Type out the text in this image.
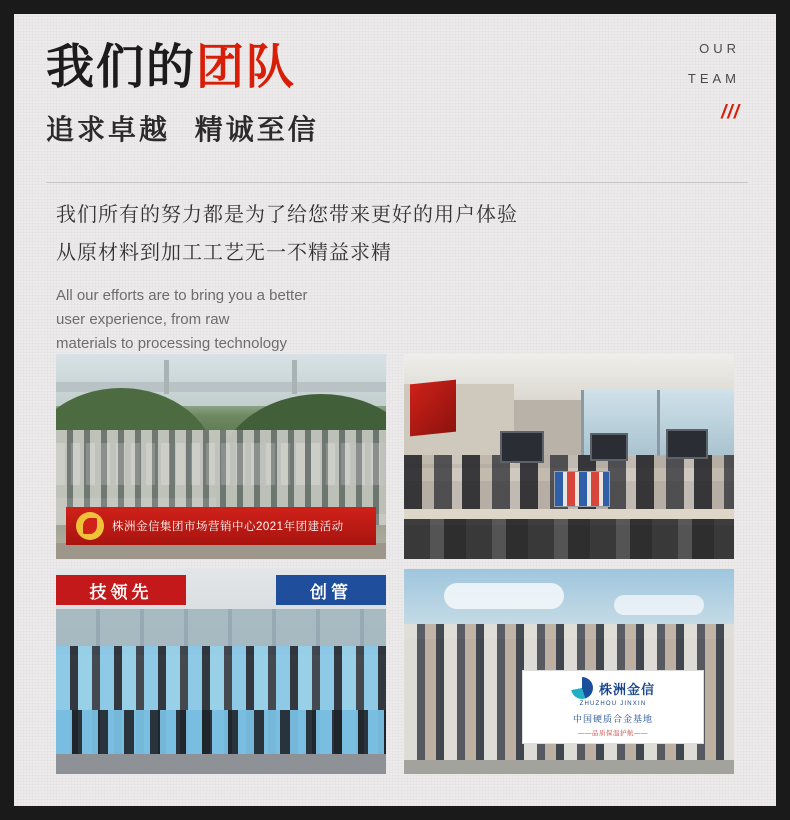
我们的 团队
追求卓越 精诚至信
OUR
TEAM
///
我们所有的努力都是为了给您带来更好的用户体验
从原材料到加工工艺无一不精益求精
All our efforts are to bring you a better
user experience, from raw
materials to processing technology
株洲金信集团市场营销中心2021年团建活动
技领先	创管
株洲金信
ZHUZHOU JINXIN
中国硬质合金基地
——品质保温护航——
